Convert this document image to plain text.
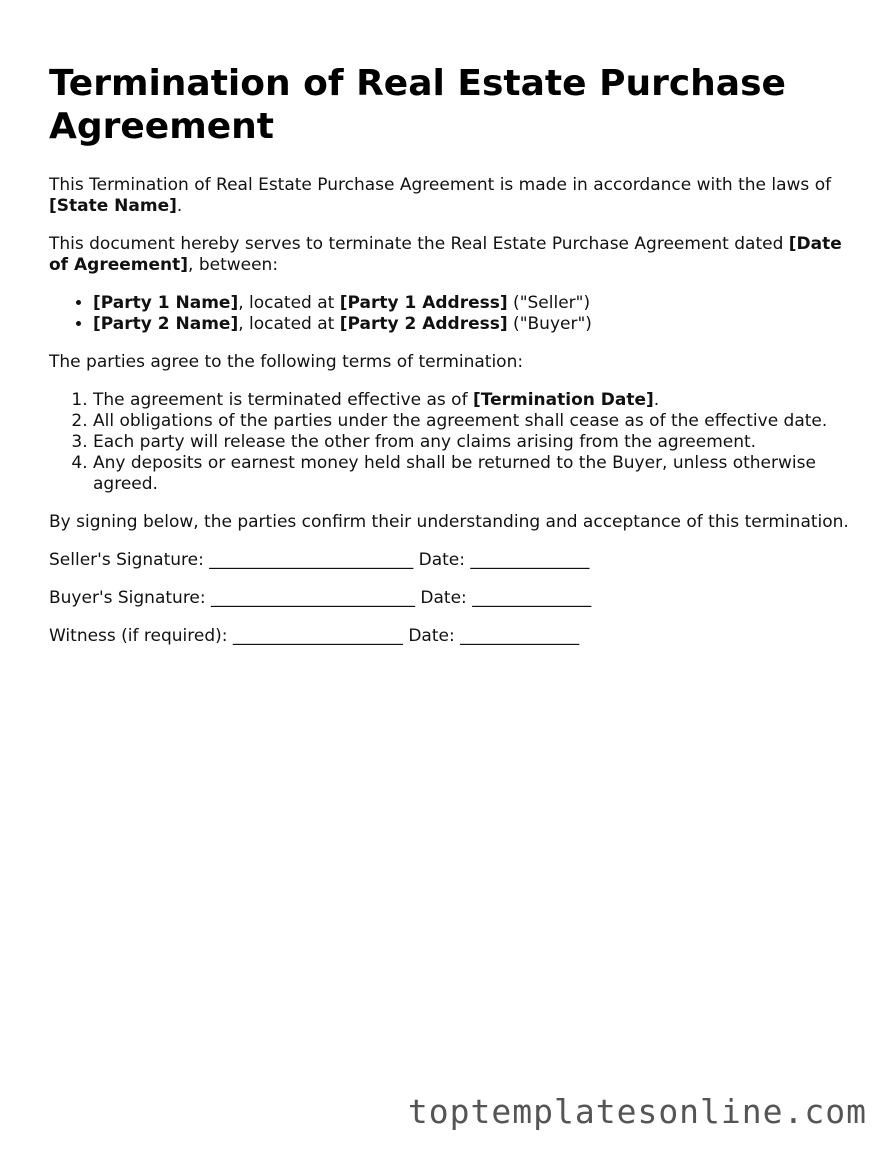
Termination of Real Estate Purchase Agreement

This Termination of Real Estate Purchase Agreement is made in accordance with the laws of [State Name].

This document hereby serves to terminate the Real Estate Purchase Agreement dated [Date of Agreement], between:

• [Party 1 Name], located at [Party 1 Address] ("Seller")
• [Party 2 Name], located at [Party 2 Address] ("Buyer")

The parties agree to the following terms of termination:

1. The agreement is terminated effective as of [Termination Date].
2. All obligations of the parties under the agreement shall cease as of the effective date.
3. Each party will release the other from any claims arising from the agreement.
4. Any deposits or earnest money held shall be returned to the Buyer, unless otherwise agreed.

By signing below, the parties confirm their understanding and acceptance of this termination.

Seller's Signature: ________________________ Date: ______________
Buyer's Signature: ________________________ Date: ______________
Witness (if required): ____________________ Date: ______________
toptemplatesonline.com
